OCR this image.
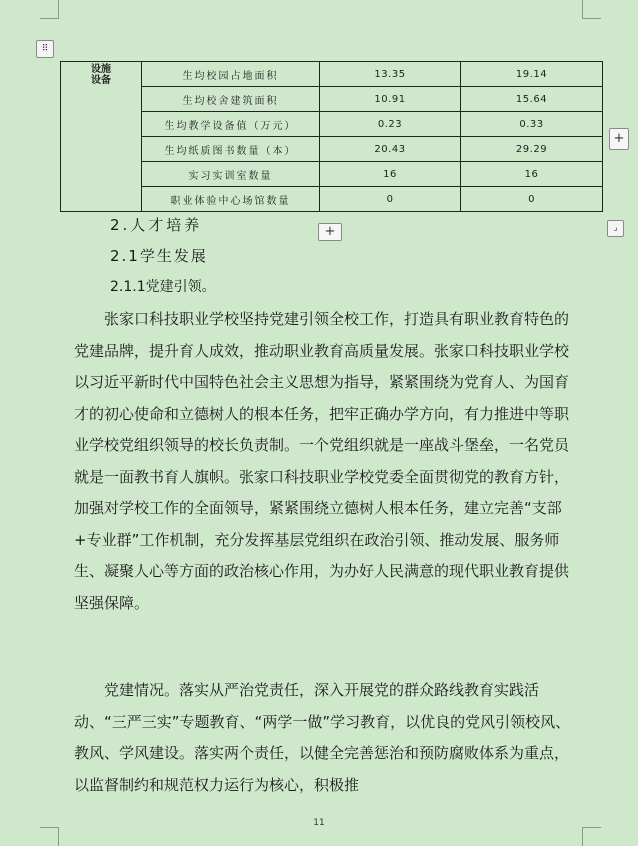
⠿
设施
设备	生均校园占地面积	13.35	19.14
	生均校舍建筑面积	10.91	15.64
	生均教学设备值（万元）	0.23	0.33
	生均纸质图书数量（本）	20.43	29.29
	实习实训室数量	16	16
	职业体验中心场馆数量	0	0
+
+	⌟
2.人才培养
2.1学生发展
2.1.1党建引领。

张家口科技职业学校坚持党建引领全校工作，打造具有职业教育特色的党建品牌，提升育人成效，推动职业教育高质量发展。张家口科技职业学校以习近平新时代中国特色社会主义思想为指导，紧紧围绕为党育人、为国育才的初心使命和立德树人的根本任务，把牢正确办学方向，有力推进中等职业学校党组织领导的校长负责制。一个党组织就是一座战斗堡垒，一名党员就是一面教书育人旗帜。张家口科技职业学校党委全面贯彻党的教育方针，加强对学校工作的全面领导，紧紧围绕立德树人根本任务，建立完善“支部+专业群”工作机制，充分发挥基层党组织在政治引领、推动发展、服务师生、凝聚人心等方面的政治核心作用，为办好人民满意的现代职业教育提供坚强保障。

党建情况。落实从严治党责任，深入开展党的群众路线教育实践活动、“三严三实”专题教育、“两学一做”学习教育，以优良的党风引领校风、教风、学风建设。落实两个责任，以健全完善惩治和预防腐败体系为重点，以监督制约和规范权力运行为核心，积极推

11
